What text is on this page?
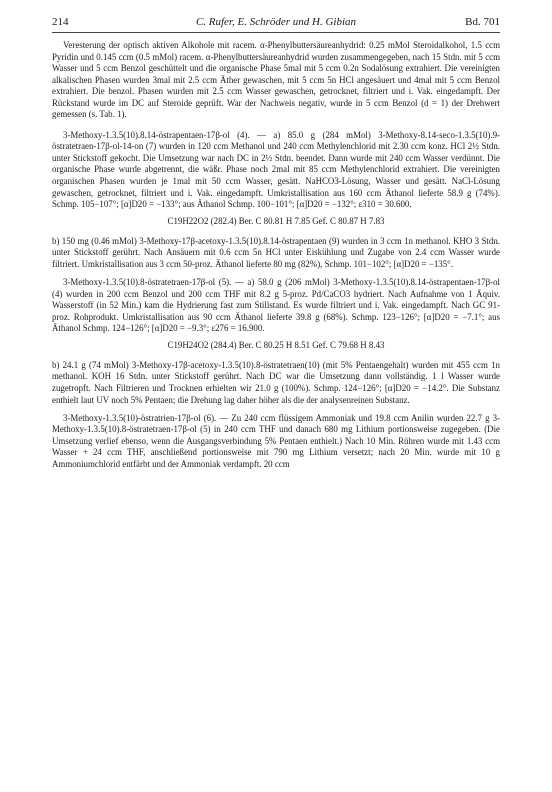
214	C. Rufer, E. Schröder und H. Gibian	Bd. 701

Veresterung der optisch aktiven Alkohole mit racem. α-Phenylbuttersäureanhydrid: 0.25 mMol Steroidalkohol, 1.5 ccm Pyridin und 0.145 ccm (0.5 mMol) racem. α-Phenylbuttersäureanhydrid wurden zusammengegeben, nach 15 Stdn. mit 5 ccm Wasser und 5 ccm Benzol geschüttelt und die organische Phase 5mal mit 5 ccm 0.2n Sodalösung extrahiert. Die vereinigten alkalischen Phasen wurden 3mal mit 2.5 ccm Äther gewaschen, mit 5 ccm 5n HCl angesäuert und 4mal mit 5 ccm Benzol extrahiert. Die benzol. Phasen wurden mit 2.5 ccm Wasser gewaschen, getrocknet, filtriert und i. Vak. eingedampft. Der Rückstand wurde im DC auf Steroide geprüft. War der Nachweis negativ, wurde in 5 ccm Benzol (d = 1) der Drehwert gemessen (s. Tab. 1).

3-Methoxy-1.3.5(10).8.14-östrapentaen-17β-ol (4). — a) 85.0 g (284 mMol) 3-Methoxy-8.14-seco-1.3.5(10).9-östratetraen-17β-ol-14-on (7) wurden in 120 ccm Methanol und 240 ccm Methylenchlorid mit 2.30 ccm konz. HCl 2½ Stdn. unter Stickstoff gekocht. Die Umsetzung war nach DC in 2½ Stdn. beendet. Dann wurde mit 240 ccm Wasser verdünnt. Die organische Phase wurde abgetrennt, die wäßr. Phase noch 2mal mit 85 ccm Methylenchlorid extrahiert. Die vereinigten organischen Phasen wurden je 1mal mit 50 ccm Wasser, gesätt. NaHCO3-Lösung, Wasser und gesätt. NaCl-Lösung gewaschen, getrocknet, filtriert und i. Vak. eingedampft. Umkristallisation aus 160 ccm Äthanol lieferte 58.9 g (74%). Schmp. 105−107°; [α]D20 = −133°; aus Äthanol Schmp. 100−101°; [α]D20 = −132°; ε310 = 30.600.

C19H22O2 (282.4) Ber. C 80.81 H 7.85 Gef. C 80.87 H 7.83

b) 150 mg (0.46 mMol) 3-Methoxy-17β-acetoxy-1.3.5(10).8.14-östrapentaen (9) wurden in 3 ccm 1n methanol. KHO 3 Stdn. unter Stickstoff gerührt. Nach Ansäuern mit 0.6 ccm 5n HCl unter Eiskühlung und Zugabe von 2.4 ccm Wasser wurde filtriert. Umkristallisation aus 3 ccm 50-proz. Äthanol lieferte 80 mg (82%), Schmp. 101−102°; [α]D20 = −135°.

3-Methoxy-1.3.5(10).8-östratetraen-17β-ol (5). — a) 58.0 g (206 mMol) 3-Methoxy-1.3.5(10).8.14-östrapentaen-17β-ol (4) wurden in 200 ccm Benzol und 200 ccm THF mit 8.2 g 5-proz. Pd/CaCO3 hydriert. Nach Aufnahme von 1 Äquiv. Wasserstoff (in 52 Min.) kam die Hydrierung fast zum Stillstand. Es wurde filtriert und i. Vak. eingedampft. Nach GC 91-proz. Rohprodukt. Umkristallisation aus 90 ccm Äthanol lieferte 39.8 g (68%). Schmp. 123−126°; [α]D20 = −7.1°; aus Äthanol Schmp. 124−126°; [α]D20 = −9.3°; ε276 = 16.900.

C19H24O2 (284.4) Ber. C 80.25 H 8.51 Gef. C 79.68 H 8.43

b) 24.1 g (74 mMol) 3-Methoxy-17β-acetoxy-1.3.5(10).8-östratetraen(10) (mit 5% Pentaengehalt) wurden mit 455 ccm 1n methanol. KOH 16 Stdn. unter Stickstoff gerührt. Nach DC war die Umsetzung dann vollständig. 1 l Wasser wurde zugetropft. Nach Filtrieren und Trocknen erhielten wir 21.0 g (100%). Schmp. 124−126°; [α]D20 = −14.2°. Die Substanz enthielt laut UV noch 5% Pentaen; die Drehung lag daher höher als die der analysenreinen Substanz.

3-Methoxy-1.3.5(10)-östratrien-17β-ol (6). — Zu 240 ccm flüssigem Ammoniak und 19.8 ccm Anilin wurden 22.7 g 3-Methoxy-1.3.5(10).8-östratetraen-17β-ol (5) in 240 ccm THF und danach 680 mg Lithium portionsweise zugegeben. (Die Umsetzung verlief ebenso, wenn die Ausgangsverbindung 5% Pentaen enthielt.) Nach 10 Min. Rühren wurde mit 1.43 ccm Wasser + 24 ccm THF, anschließend portionsweise mit 790 mg Lithium versetzt; nach 20 Min. wurde mit 10 g Ammoniumchlorid entfärbt und der Ammoniak verdampft. 20 ccm
